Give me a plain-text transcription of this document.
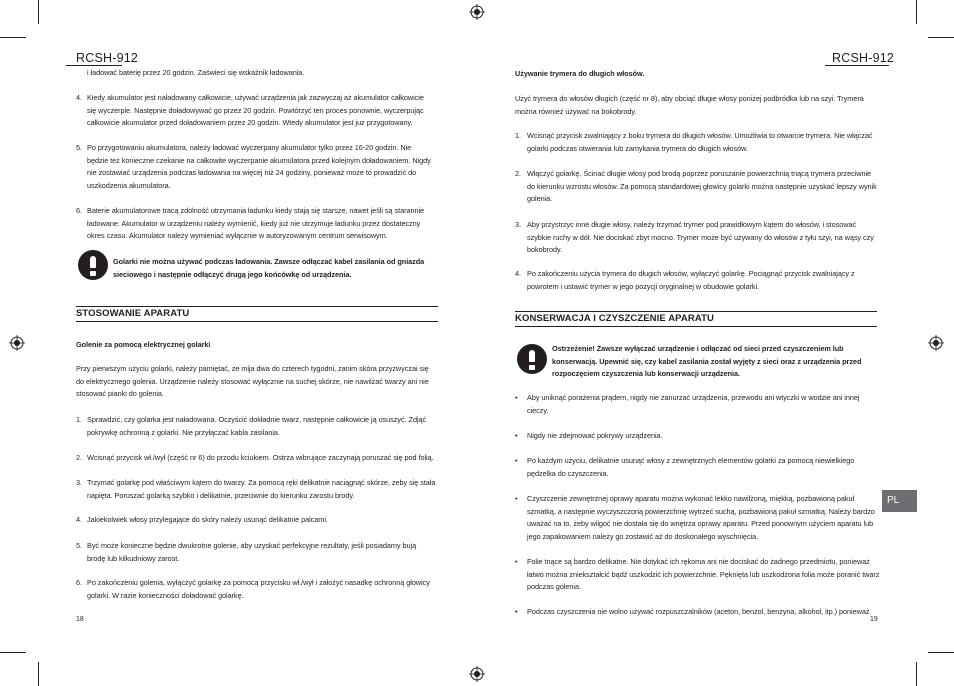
RCSH-912
i ładować baterię przez 20 godzin. Zaświeci się wskaźnik ładowania.
4. Kiedy akumulator jest naładowany całkowicie, używać urządzenia jak zazwyczaj aż akumulator całkowicie
się wyczerpie. Następnie doładowywać go przez 20 godzin. Powtórzyć ten proces ponownie, wyczerpując
całkowicie akumulator przed doładowaniem przez 20 godzin. Wtedy akumulator jest juz przygotowany.
5. Po przygotowaniu akumulatora, należy ładować wyczerpany akumulator tylko przez 16-20 godzin. Nie
będzie też konieczne czekanie na całkowite wyczerpanie akumulatora przed kolejnym doładowaniem. Nigdy
nie zostawiać urządzenia podczas ładowania na więcej niż 24 godziny, ponieważ może to prowadzić do
uszkodzenia akumulatora.
6. Baterie akumulatorowe tracą zdolność utrzymania ładunku kiedy stają się starsze, nawet jeśli są starannie
ładowane. Akumulator w urządzeniu należy wymienić, kiedy już nie utrzymuje ładunku przez dostateczny
okres czasu. Akumulator należy wymieniać wyłącznie w autoryzowanym centrum serwisowym.
Golarki nie można używać podczas ładowania. Zawsze odłączać kabel zasilania od gniazda
sieciowego i następnie odłączyć drugą jego końcówkę od urządzenia.
STOSOWANIE APARATU
Golenie za pomocą elektrycznej golarki
Przy pierwszym użyciu golarki, należy pamiętać, że mija dwa do czterech tygodni, zanim skóra przyzwyczai się
do elektrycznego golenia. Urządzenie należy stosować wyłącznie na suchej skórze, nie nawilżać twarzy ani nie
stosować pianki do golenia.
1. Sprawdzić, czy golarka jest naładowana. Oczyścić dokładnie twarz, następnie całkowicie ją osuszyć. Zdjąć
pokrywkę ochronną z golarki. Nie przyłączać kabla zasilania.
2. Wcisnąć przycisk wł./wył (część nr 6) do przodu kciukiem. Ostrza wibrujące zaczynają poruszać się pod folią.
3. Trzymać golarkę pod właściwym kątem do twarzy. Za pomocą ręki delikatnie naciągnąć skórze, zeby się stała
napięta. Poruszać golarką szybko i delikatnie, przeciwnie do kierunku zarostu brody.
4. Jakiekolwiek włosy przylegające do skóry należy usunąć delikatnie palcami.
5. Być może konieczne będzie dwukrotne golenie, aby uzyskać perfekcyjne rezultaty, jeśli posiadamy bują
brodę lub kilkudniowy zarost.
6. Po zakończeniu golenia, wyłączyć golarkę za pomocą przycisku wł./wył i założyć nasadkę ochronną głowicy
golarki. W razie konieczności doładować golarkę.
18
RCSH-912
Używanie trymera do długich włosów.
Użyć trymera do włosów długich (część nr 8), aby obciąć długie włosy poniżej podbródka lub na szyi. Trymera
można również używać na bokobrody.
1. Wcisnąć przycisk zwalniający z boku trymera do długich włosów. Umożliwia to otwarcie trymera. Nie włączać
golarki podczas otwierania lub zamykania trymera do długich włosów.
2. Włączyć golarkę. Ścinać długie włosy pod brodą poprzez poruszanie powierzchnią tnącą trymera przeciwnie
do kierunku wzrostu włosów. Za pomocą standardowej głowicy golarki można następnie uzyskać lepszy wynik
golenia.
3. Aby przystrzyc inne długie włosy, należy trzymać trymer pod prawidłowym kątem do włosów, i stosować
szybkie ruchy w dół. Nie dociskać zbyt mocno. Trymer może być używany do włosów z tyłu szyi, na wąsy czy
bokobrody.
4. Po zakończeniu użycia trymera do długich włosów, wyłączyć golarkę. Pociągnąć przycisk zwalniający z
powrotem i ustawić trymer w jego pozycji oryginalnej w obudowie golarki.
KONSERWACJA I CZYSZCZENIE APARATU
Ostrzeżenie! Zawsze wyłączać urządzenie i odłączać od sieci przed czyszczeniem lub
konserwacją. Upewnić się, czy kabel zasilania został wyjęty z sieci oraz z urządzenia przed
rozpoczęciem czyszczenia lub konserwacji urządzenia.
• Aby uniknąć porażenia prądem, nigdy nie zanurzać urządzenia, przewodu ani wtyczki w wodzie ani innej
cieczy.
• Nigdy nie zdejmować pokrywy urządzenia.
• Po każdym użyciu, delikatnie usunąć włosy z zewnętrznych elementów golarki za pomocą niewielkiego
pędzelka do czyszczenia.
• Czyszczenie zewnętrznej oprawy aparatu można wykonać lekko nawilżoną, miękką, pozbawioną pakuł
szmatką, a następnie wyczyszczoną powierzchnię wytrzeć suchą, pozbawioną pakuł szmatką. Należy bardzo
uważać na to, żeby wilgoć nie dostała się do wnętrza oprawy aparatu. Przed ponownym użyciem aparatu lub
jego zapakowaniem należy go zostawić aż do doskonałego wyschnięcia.
• Folie tnące są bardzo delikatne. Nie dotykać ich rękoma ani nie dociskać do żadnego przedmiotu, ponieważ
łatwo można zniekształcić bądź uszkodzić ich powierzchnie. Pęknięta lub uszkodzona folia może poranić twarz
podczas golenia.
• Podczas czyszczenia nie wolno używać rozpuszczalników (aceton, benzol, benzyna, alkohol, itp.) ponieważ
19
PL
